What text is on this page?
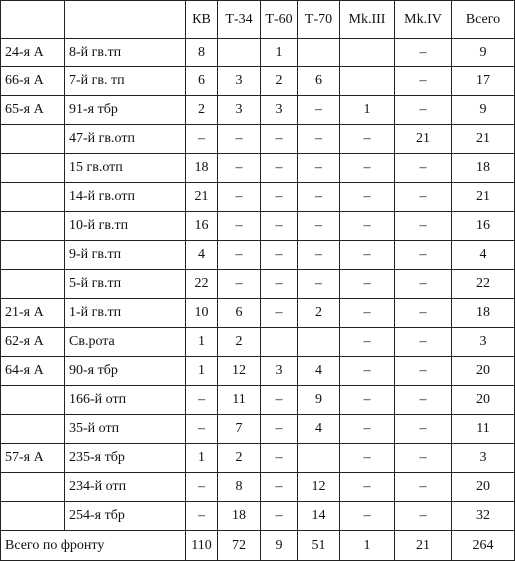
		КВ	Т-34	Т-60	Т-70	Mk.III	Mk.IV	Всего
24-я А	8-й гв.тп	8		1			–	9
66-я А	7-й гв. тп	6	3	2	6		–	17
65-я А	91-я тбр	2	3	3	–	1	–	9
	47-й гв.отп	–	–	–	–	–	21	21
	15 гв.отп	18	–	–	–	–	–	18
	14-й гв.отп	21	–	–	–	–	–	21
	10-й гв.тп	16	–	–	–	–	–	16
	9-й гв.тп	4	–	–	–	–	–	4
	5-й гв.тп	22	–	–	–	–	–	22
21-я А	1-й гв.тп	10	6	–	2	–	–	18
62-я А	Св.рота	1	2			–	–	3
64-я А	90-я тбр	1	12	3	4	–	–	20
	166-й отп	–	11	–	9	–	–	20
	35-й отп	–	7	–	4	–	–	11
57-я А	235-я тбр	1	2	–		–	–	3
	234-й отп	–	8	–	12	–	–	20
	254-я тбр	–	18	–	14	–	–	32
Всего по фронту		110	72	9	51	1	21	264
